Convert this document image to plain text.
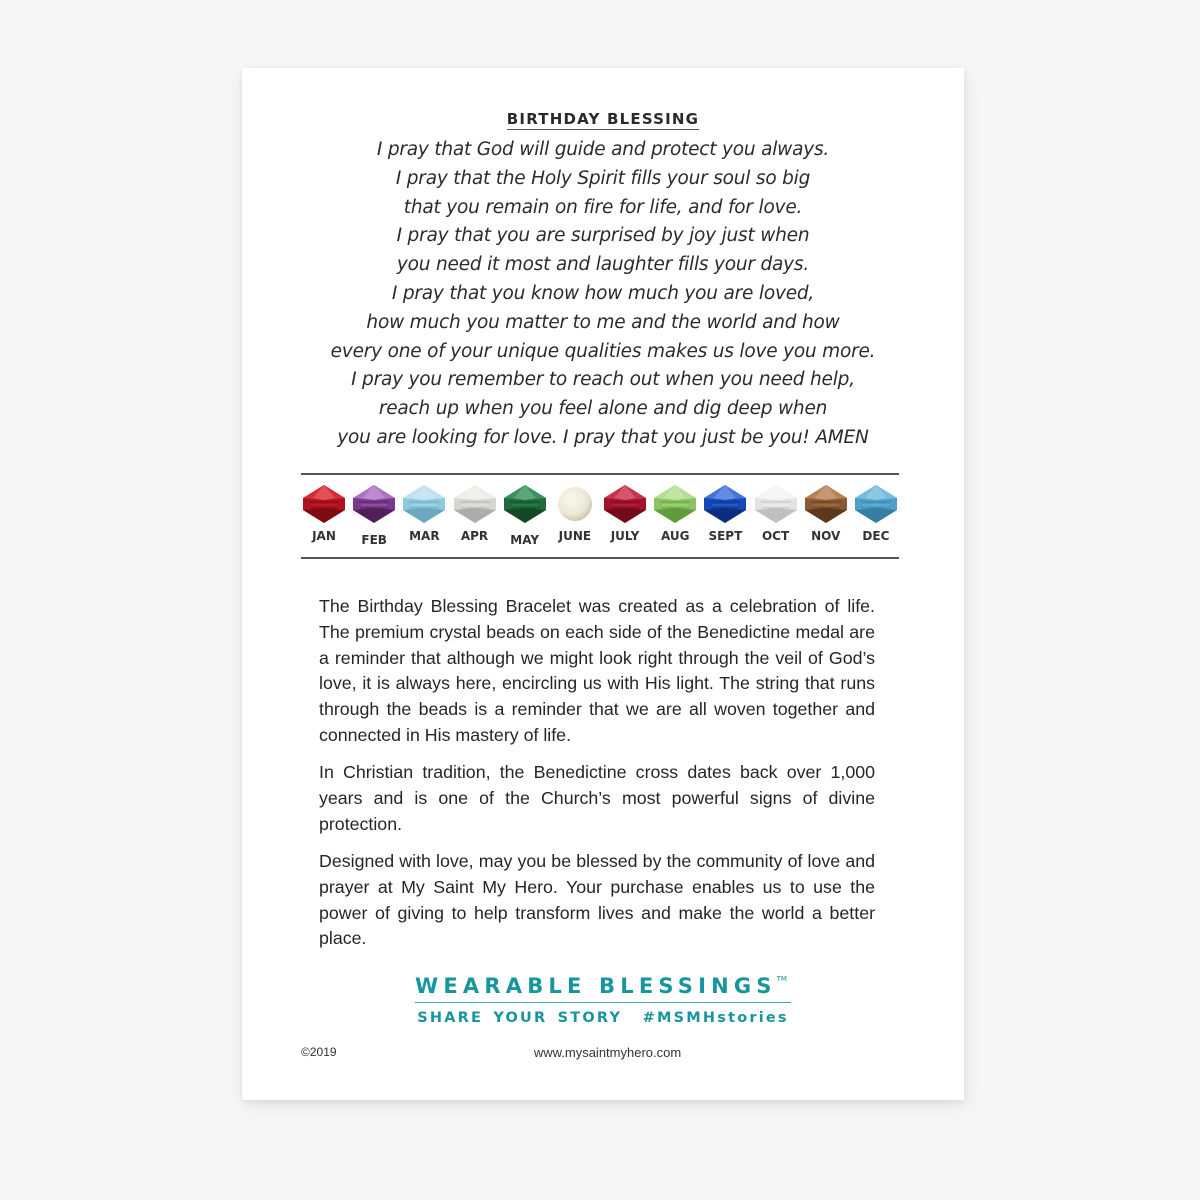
BIRTHDAY BLESSING
I pray that God will guide and protect you always.
I pray that the Holy Spirit fills your soul so big
that you remain on fire for life, and for love.
I pray that you are surprised by joy just when
you need it most and laughter fills your days.
I pray that you know how much you are loved,
how much you matter to me and the world and how
every one of your unique qualities makes us love you more.
I pray you remember to reach out when you need help,
reach up when you feel alone and dig deep when
you are looking for love. I pray that you just be you! AMEN
JAN FEB MAR APR MAY JUNE JULY AUG SEPT OCT NOV DEC
The Birthday Blessing Bracelet was created as a celebration of life. The premium crystal beads on each side of the Benedictine medal are a reminder that although we might look right through the veil of God’s love, it is always here, encircling us with His light. The string that runs through the beads is a reminder that we are all woven together and connected in His mastery of life.
In Christian tradition, the Benedictine cross dates back over 1,000 years and is one of the Church’s most powerful signs of divine protection.
Designed with love, may you be blessed by the community of love and prayer at My Saint My Hero. Your purchase enables us to use the power of giving to help transform lives and make the world a better place.
WEARABLE BLESSINGS™
SHARE YOUR STORY  #MSMHstories
©2019	www.mysaintmyhero.com
